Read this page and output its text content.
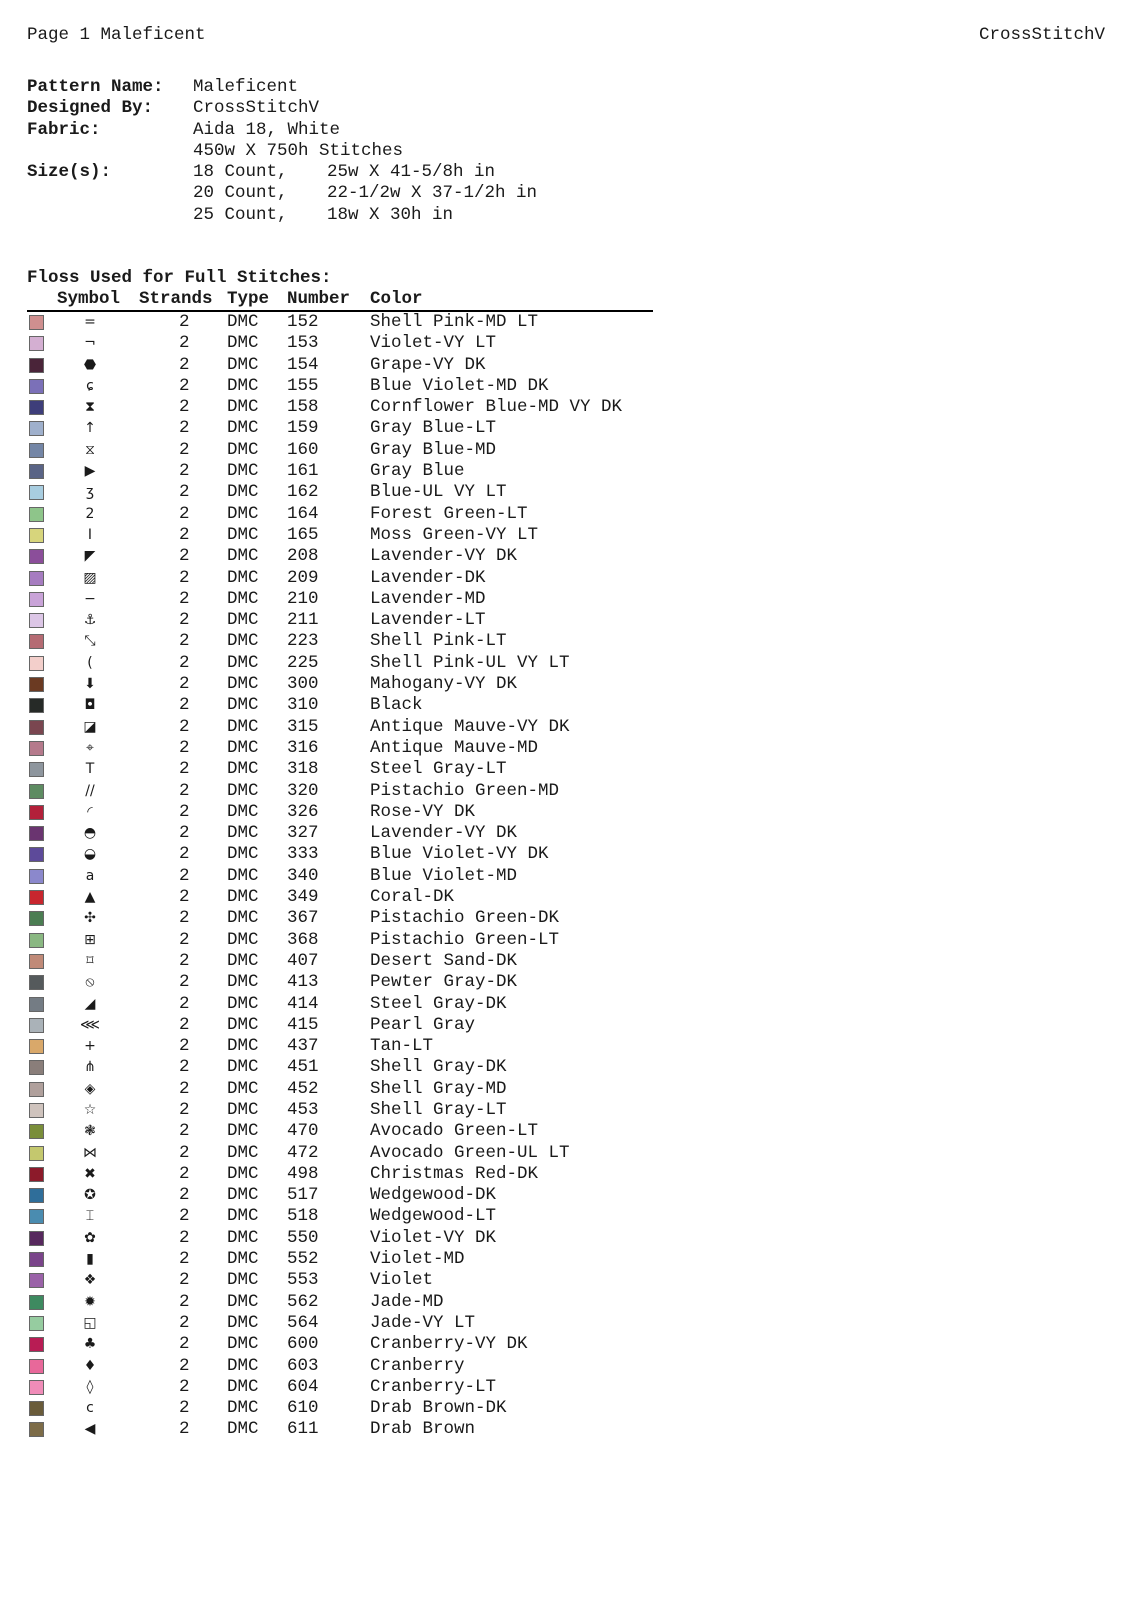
Page 1 Maleficent	CrossStitchV
Pattern Name:	Maleficent
Designed By:	CrossStitchV
Fabric:	Aida 18, White
450w X 750h Stitches
Size(s):	18 Count, 25w X 41-5/8h in
20 Count, 22-1/2w X 37-1/2h in
25 Count, 18w X 30h in
Floss Used for Full Stitches:
Symbol Strands Type Number Color
=	2 DMC 152	Shell Pink-MD LT
¬	2 DMC 153	Violet-VY LT
⬣	2 DMC 154	Grape-VY DK
ɕ	2 DMC 155	Blue Violet-MD DK
⧗	2 DMC 158	Cornflower Blue-MD VY DK
↑	2 DMC 159	Gray Blue-LT
⧖	2 DMC 160	Gray Blue-MD
▶	2 DMC 161	Gray Blue
ʒ	2 DMC 162	Blue-UL VY LT
2	2 DMC 164	Forest Green-LT
I	2 DMC 165	Moss Green-VY LT
◤	2 DMC 208	Lavender-VY DK
▨	2 DMC 209	Lavender-DK
−	2 DMC 210	Lavender-MD
⚓	2 DMC 211	Lavender-LT
⤡	2 DMC 223	Shell Pink-LT
(	2 DMC 225	Shell Pink-UL VY LT
⬇	2 DMC 300	Mahogany-VY DK
◘	2 DMC 310	Black
◪	2 DMC 315	Antique Mauve-VY DK
⌖	2 DMC 316	Antique Mauve-MD
T	2 DMC 318	Steel Gray-LT
//	2 DMC 320	Pistachio Green-MD
◜	2 DMC 326	Rose-VY DK
◓	2 DMC 327	Lavender-VY DK
◒	2 DMC 333	Blue Violet-VY DK
a	2 DMC 340	Blue Violet-MD
▲	2 DMC 349	Coral-DK
✣	2 DMC 367	Pistachio Green-DK
⊞	2 DMC 368	Pistachio Green-LT
⌑	2 DMC 407	Desert Sand-DK
⦸	2 DMC 413	Pewter Gray-DK
◢	2 DMC 414	Steel Gray-DK
⋘	2 DMC 415	Pearl Gray
+	2 DMC 437	Tan-LT
⋔	2 DMC 451	Shell Gray-DK
◈	2 DMC 452	Shell Gray-MD
☆	2 DMC 453	Shell Gray-LT
❃	2 DMC 470	Avocado Green-LT
⋈	2 DMC 472	Avocado Green-UL LT
✖	2 DMC 498	Christmas Red-DK
✪	2 DMC 517	Wedgewood-DK
⌶	2 DMC 518	Wedgewood-LT
✿	2 DMC 550	Violet-VY DK
▮	2 DMC 552	Violet-MD
❖	2 DMC 553	Violet
✹	2 DMC 562	Jade-MD
◱	2 DMC 564	Jade-VY LT
♣	2 DMC 600	Cranberry-VY DK
♦	2 DMC 603	Cranberry
◊	2 DMC 604	Cranberry-LT
c	2 DMC 610	Drab Brown-DK
◀	2 DMC 611	Drab Brown
